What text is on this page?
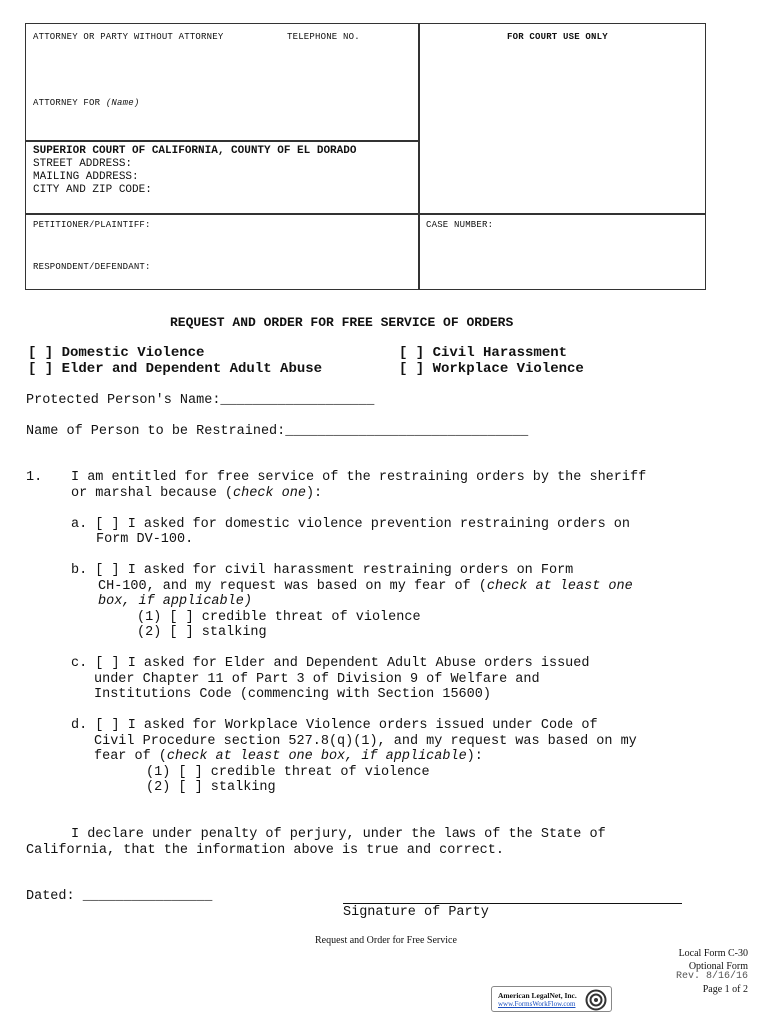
ATTORNEY OR PARTY WITHOUT ATTORNEY	TELEPHONE NO.	FOR COURT USE ONLY
ATTORNEY FOR (Name)
SUPERIOR COURT OF CALIFORNIA, COUNTY OF EL DORADO
STREET ADDRESS:
MAILING ADDRESS:
CITY AND ZIP CODE:
PETITIONER/PLAINTIFF:	CASE NUMBER:
RESPONDENT/DEFENDANT:
REQUEST AND ORDER FOR FREE SERVICE OF ORDERS
[ ] Domestic Violence	[ ] Civil Harassment
[ ] Elder and Dependent Adult Abuse	[ ] Workplace Violence
Protected Person's Name:___________________
Name of Person to be Restrained:______________________________
1. I am entitled for free service of the restraining orders by the sheriff
or marshal because (check one):
a. [ ] I asked for domestic violence prevention restraining orders on
Form DV-100.
b. [ ] I asked for civil harassment restraining orders on Form
CH-100, and my request was based on my fear of (check at least one
box, if applicable)
(1) [ ] credible threat of violence
(2) [ ] stalking
c. [ ] I asked for Elder and Dependent Adult Abuse orders issued
under Chapter 11 of Part 3 of Division 9 of Welfare and
Institutions Code (commencing with Section 15600)
d. [ ] I asked for Workplace Violence orders issued under Code of
Civil Procedure section 527.8(q)(1), and my request was based on my
fear of (check at least one box, if applicable):
(1) [ ] credible threat of violence
(2) [ ] stalking
I declare under penalty of perjury, under the laws of the State of
California, that the information above is true and correct.
Dated: ________________
Signature of Party
Request and Order for Free Service
Local Form C-30
Optional Form
Rev. 8/16/16
Page 1 of 2
American LegalNet, Inc.
www.FormsWorkFlow.com
